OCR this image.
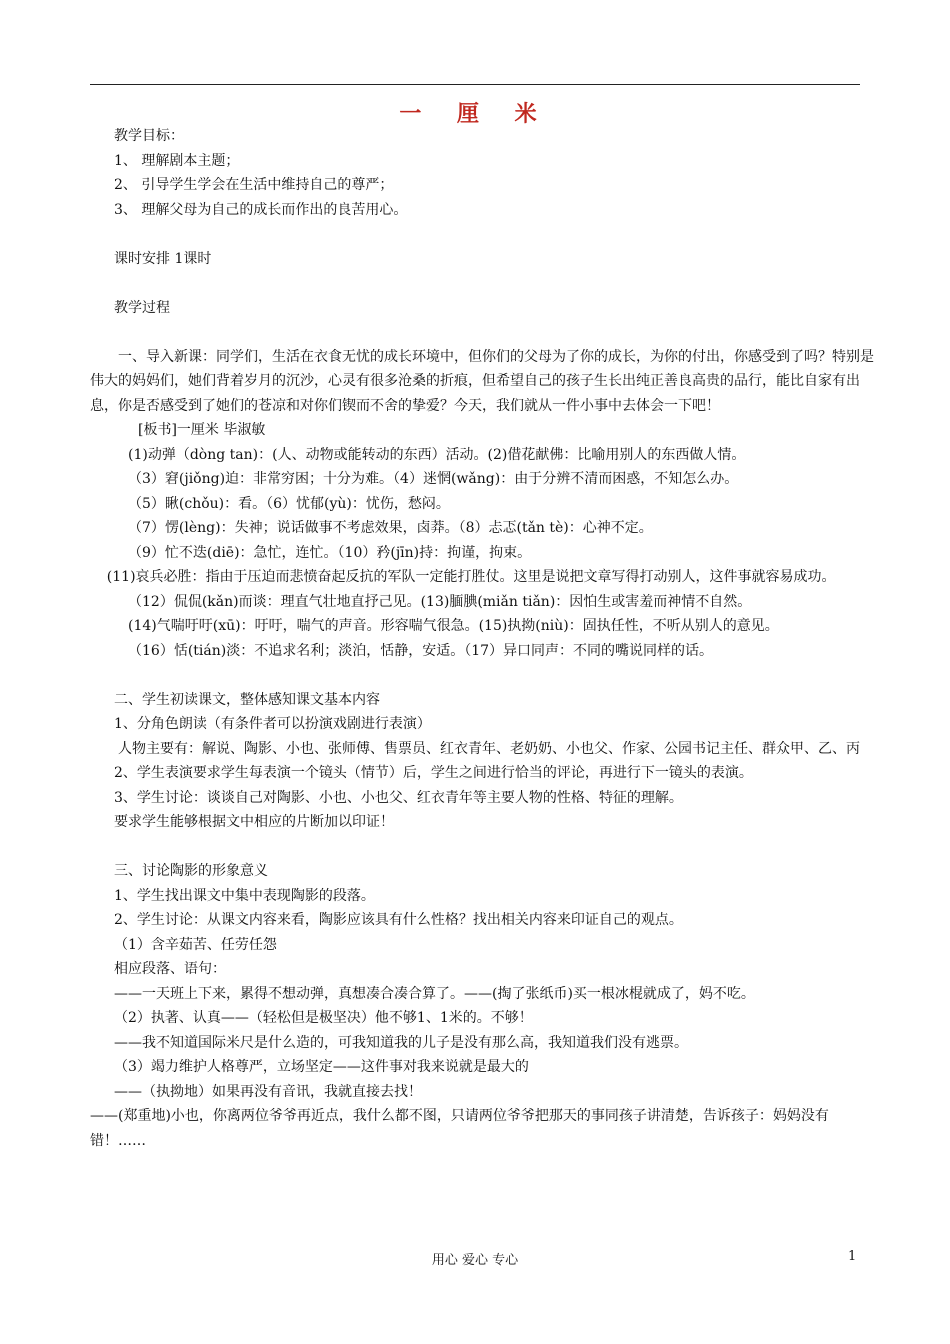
一 厘 米
教学目标：
1、 理解剧本主题；
2、 引导学生学会在生活中维持自己的尊严；
3、 理解父母为自己的成长而作出的良苦用心。
课时安排 1课时
教学过程
一、导入新课：同学们，生活在衣食无忧的成长环境中，但你们的父母为了你的成长，为你的付出，你感受到了吗？特别是伟大的妈妈们，她们背着岁月的沉沙，心灵有很多沧桑的折痕，但希望自己的孩子生长出纯正善良高贵的品行，能比自家有出息，你是否感受到了她们的苍凉和对你们锲而不舍的挚爱？今天，我们就从一件小事中去体会一下吧！
[板书]一厘米 毕淑敏
(1)动弹（dòng tan)：(人、动物或能转动的东西）活动。(2)借花献佛：比喻用别人的东西做人情。
（3）窘(jiǒng)迫：非常穷困；十分为难。（4）迷惘(wǎng)：由于分辨不清而困惑，不知怎么办。
（5）瞅(chǒu)：看。（6）忧郁(yù)：忧伤，愁闷。
（7）愣(lèng)：失神；说话做事不考虑效果，卤莽。（8）忐忑(tǎn tè)：心神不定。
（9）忙不迭(diē)：急忙，连忙。（10）矜(jīn)持：拘谨，拘束。
(11)哀兵必胜：指由于压迫而悲愤奋起反抗的军队一定能打胜仗。这里是说把文章写得打动别人，这件事就容易成功。
（12）侃侃(kǎn)而谈：理直气壮地直抒己见。(13)腼腆(miǎn tiǎn)：因怕生或害羞而神情不自然。
(14)气喘吁吁(xū)：吁吁，喘气的声音。形容喘气很急。(15)执拗(niù)：固执任性，不听从别人的意见。
（16）恬(tián)淡：不追求名利；淡泊，恬静，安适。（17）异口同声：不同的嘴说同样的话。
二、学生初读课文，整体感知课文基本内容
1、分角色朗读（有条件者可以扮演戏剧进行表演）
人物主要有：解说、陶影、小也、张师傅、售票员、红衣青年、老奶奶、小也父、作家、公园书记主任、群众甲、乙、丙
2、学生表演要求学生每表演一个镜头（情节）后，学生之间进行恰当的评论，再进行下一镜头的表演。
3、学生讨论：谈谈自己对陶影、小也、小也父、红衣青年等主要人物的性格、特征的理解。
要求学生能够根据文中相应的片断加以印证！
三、讨论陶影的形象意义
1、学生找出课文中集中表现陶影的段落。
2、学生讨论：从课文内容来看，陶影应该具有什么性格？找出相关内容来印证自己的观点。
（1）含辛茹苦、任劳任怨
相应段落、语句：
——一天班上下来，累得不想动弹，真想凑合凑合算了。——(掏了张纸币)买一根冰棍就成了，妈不吃。
（2）执著、认真——（轻松但是极坚决）他不够1、1米的。不够！
——我不知道国际米尺是什么造的，可我知道我的儿子是没有那么高，我知道我们没有逃票。
（3）竭力维护人格尊严，立场坚定——这件事对我来说就是最大的
——（执拗地）如果再没有音讯，我就直接去找！
——(郑重地)小也，你离两位爷爷再近点，我什么都不图，只请两位爷爷把那天的事同孩子讲清楚，告诉孩子：妈妈没有错！……
用心 爱心 专心	1
